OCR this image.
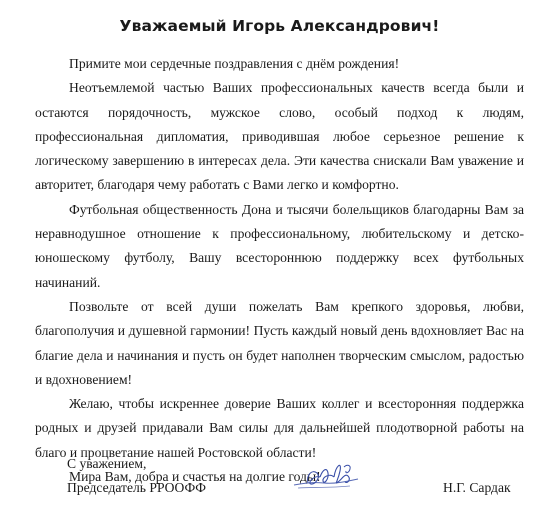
Уважаемый Игорь Александрович!

Примите мои сердечные поздравления с днём рождения!

Неотъемлемой частью Ваших профессиональных качеств всегда были и остаются порядочность, мужское слово, особый подход к людям, профессиональная дипломатия, приводившая любое серьезное решение к логическому завершению в интересах дела. Эти качества снискали Вам уважение и авторитет, благодаря чему работать с Вами легко и комфортно.

Футбольная общественность Дона и тысячи болельщиков благодарны Вам за неравнодушное отношение к профессиональному, любительскому и детско-юношескому футболу, Вашу всестороннюю поддержку всех футбольных начинаний.

Позвольте от всей души пожелать Вам крепкого здоровья, любви, благополучия и душевной гармонии! Пусть каждый новый день вдохновляет Вас на благие дела и начинания и пусть он будет наполнен творческим смыслом, радостью и вдохновением!

Желаю, чтобы искреннее доверие Ваших коллег и всесторонняя поддержка родных и друзей придавали Вам силы для дальнейшей плодотворной работы на благо и процветание нашей Ростовской области!

Мира Вам, добра и счастья на долгие годы!

С уважением,
Председатель РРООФФ	Н.Г. Сардак
